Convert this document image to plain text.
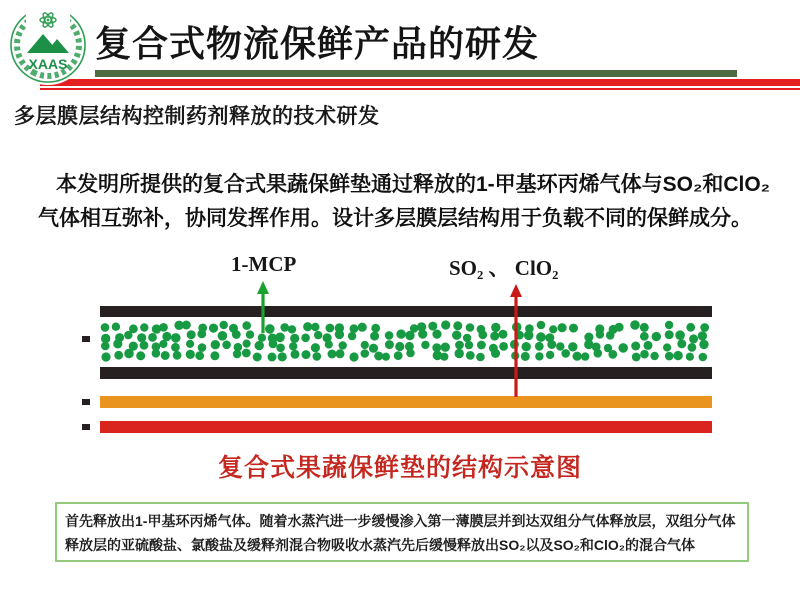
XAAS 复合式物流保鲜产品的研发
多层膜层结构控制药剂释放的技术研发
本发明所提供的复合式果蔬保鲜垫通过释放的1-甲基环丙烯气体与SO₂和ClO₂
气体相互弥补，协同发挥作用。设计多层膜层结构用于负载不同的保鲜成分。
1-MCP	SO₂ 、 ClO₂
复合式果蔬保鲜垫的结构示意图
首先释放出1-甲基环丙烯气体。随着水蒸汽进一步缓慢渗入第一薄膜层并到达双组分气体释放层，双组分气体
释放层的亚硫酸盐、氯酸盐及缓释剂混合物吸收水蒸汽先后缓慢释放出SO₂以及SO₂和ClO₂的混合气体
